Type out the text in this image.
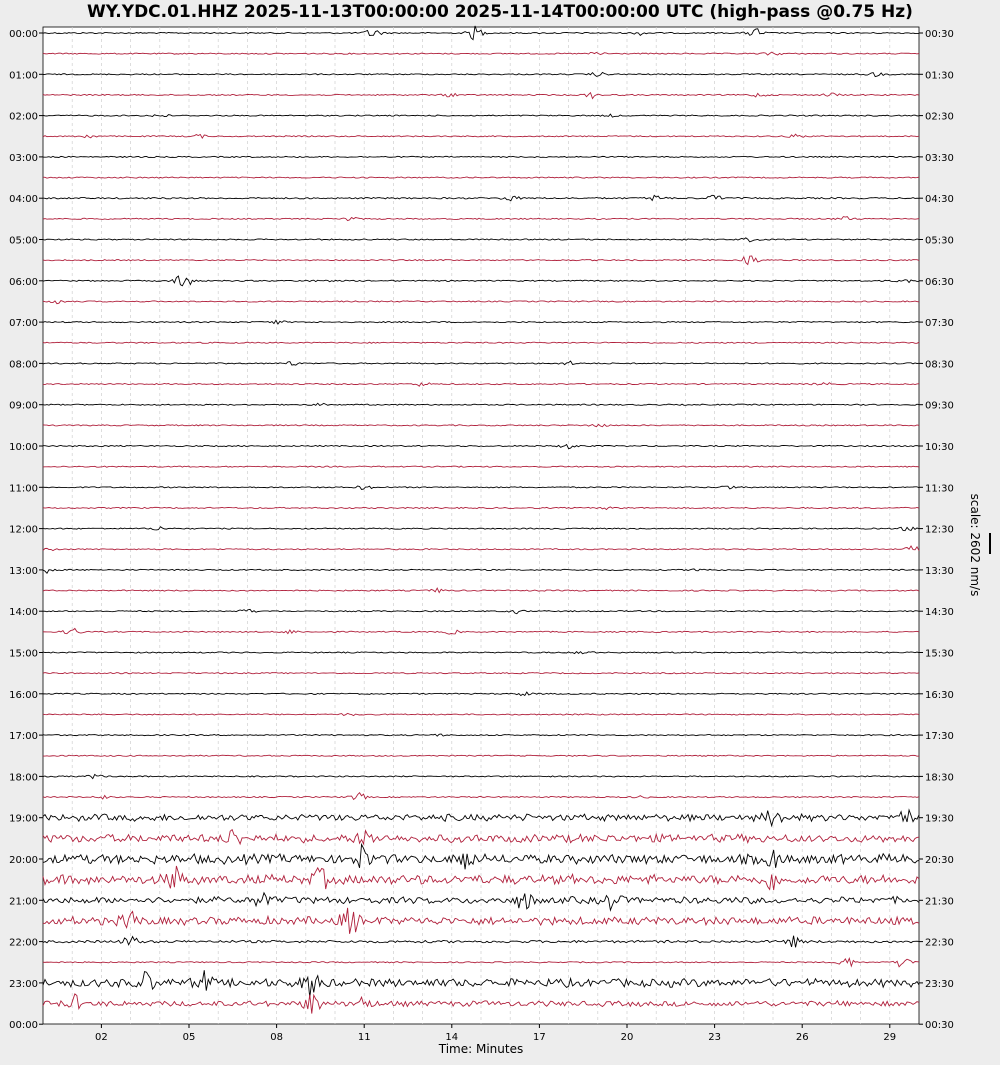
WY.YDC.01.HHZ 2025-11-13T00:00:00 2025-11-14T00:00:00 UTC (high-pass @0.75 Hz)
02	05	08	11	14	17	20	23	26	29
00:00
01:00
02:00
03:00
04:00
05:00
06:00
07:00
08:00
09:00
10:00
11:00
12:00
13:00
14:00
15:00
16:00
17:00
18:00
19:00
20:00
21:00
22:00
23:00
00:00
00:30
01:30
02:30
03:30
04:30
05:30
06:30
07:30
08:30
09:30
10:30
11:30
12:30
13:30
14:30
15:30
16:30
17:30
18:30
19:30
20:30
21:30
22:30
23:30
00:30
Time: Minutes
scale: 2602 nm/s
